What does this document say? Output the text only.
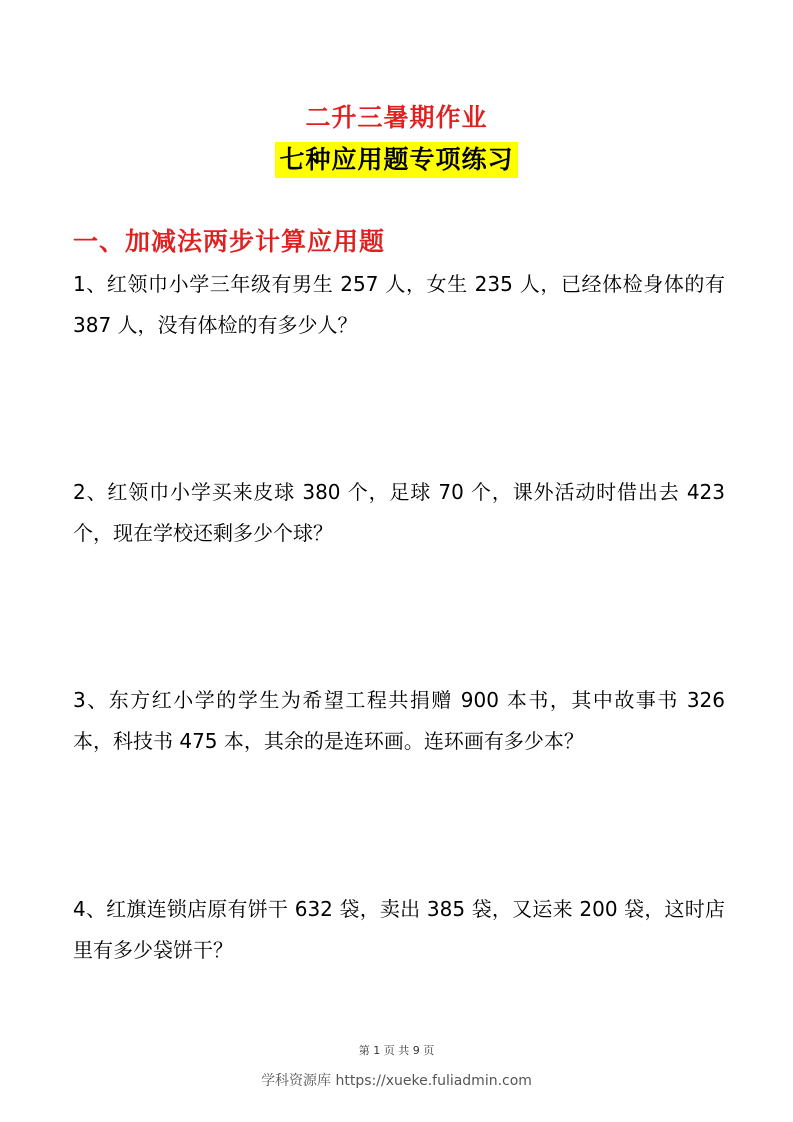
二升三暑期作业
七种应用题专项练习
一、加减法两步计算应用题
1、红领巾小学三年级有男生 257 人，女生 235 人，已经体检身体的有 387 人，没有体检的有多少人？
2、红领巾小学买来皮球 380 个，足球 70 个，课外活动时借出去 423 个，现在学校还剩多少个球？
3、东方红小学的学生为希望工程共捐赠 900 本书，其中故事书 326 本，科技书 475 本，其余的是连环画。连环画有多少本？
4、红旗连锁店原有饼干 632 袋，卖出 385 袋，又运来 200 袋，这时店里有多少袋饼干？
第 1 页 共 9 页
学科资源库 https://xueke.fuliadmin.com
